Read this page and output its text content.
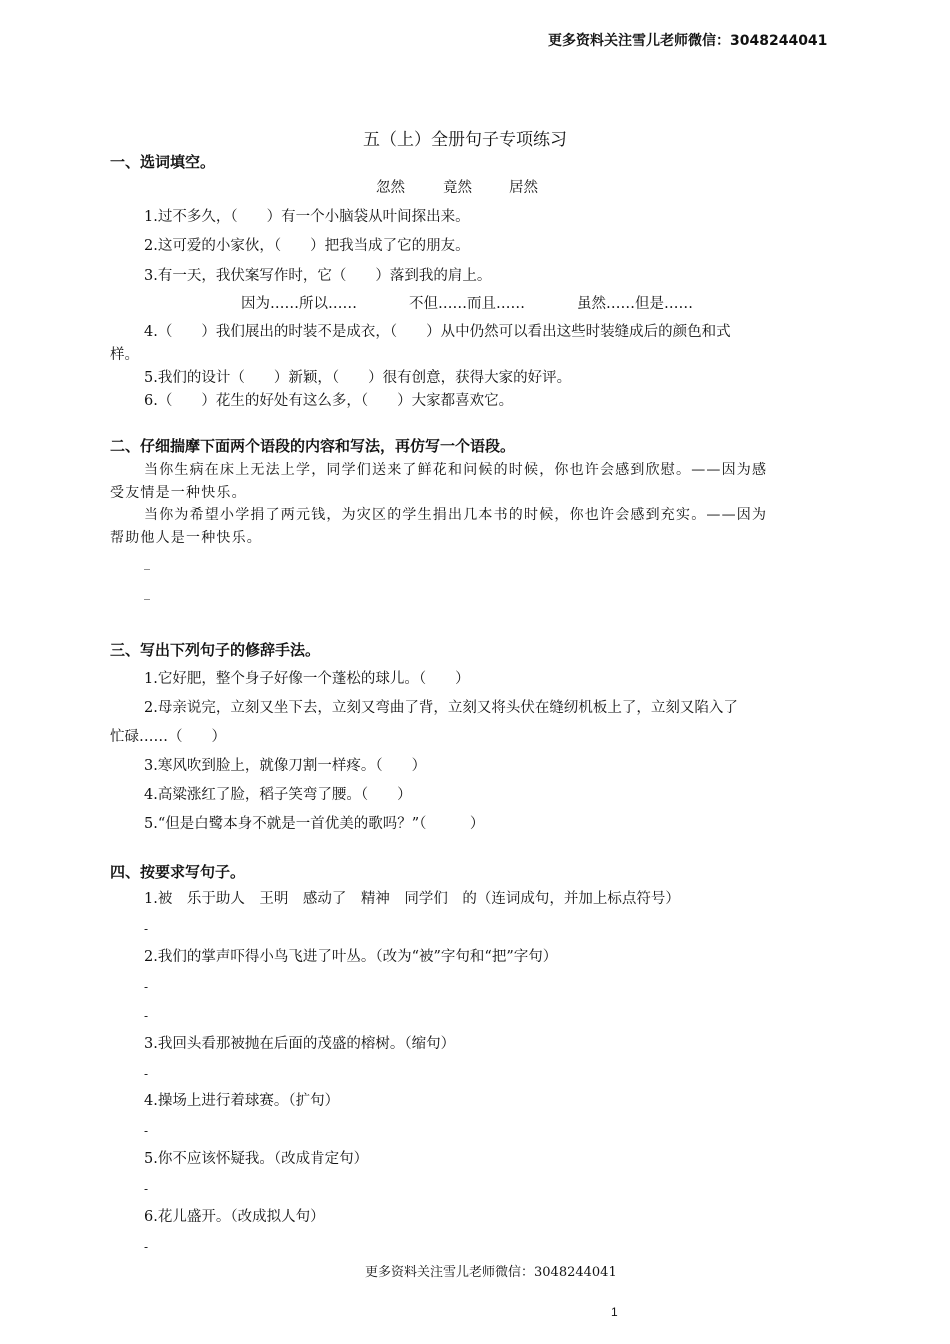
更多资料关注雪儿老师微信：3048244041
五（上）全册句子专项练习
一、选词填空。
忽然	竟然	居然
1.过不多久，（　　）有一个小脑袋从叶间探出来。
2.这可爱的小家伙，（　　）把我当成了它的朋友。
3.有一天，我伏案写作时，它（　　）落到我的肩上。
因为……所以……	不但……而且……	虽然……但是……
4.（　　）我们展出的时装不是成衣，（　　）从中仍然可以看出这些时装缝成后的颜色和式
样。
5.我们的设计（　　）新颖，（　　）很有创意，获得大家的好评。
6.（　　）花生的好处有这么多，（　　）大家都喜欢它。
二、仔细揣摩下面两个语段的内容和写法，再仿写一个语段。
当你生病在床上无法上学，同学们送来了鲜花和问候的时候，你也许会感到欣慰。——因为感
受友情是一种快乐。
当你为希望小学捐了两元钱，为灾区的学生捐出几本书的时候，你也许会感到充实。——因为
帮助他人是一种快乐。
_
_
三、写出下列句子的修辞手法。
1.它好肥，整个身子好像一个蓬松的球儿。（　　）
2.母亲说完，立刻又坐下去，立刻又弯曲了背，立刻又将头伏在缝纫机板上了，立刻又陷入了
忙碌……（　　）
3.寒风吹到脸上，就像刀割一样疼。（　　）
4.高粱涨红了脸，稻子笑弯了腰。（　　）
5.“但是白鹭本身不就是一首优美的歌吗？”（　　　）
四、按要求写句子。
1.被　乐于助人　王明　感动了　精神　同学们　的（连词成句，并加上标点符号）
-
2.我们的掌声吓得小鸟飞进了叶丛。（改为“被”字句和“把”字句）
-
-
3.我回头看那被抛在后面的茂盛的榕树。（缩句）
-
4.操场上进行着球赛。（扩句）
-
5.你不应该怀疑我。（改成肯定句）
-
6.花儿盛开。（改成拟人句）
-
更多资料关注雪儿老师微信：3048244041
1
